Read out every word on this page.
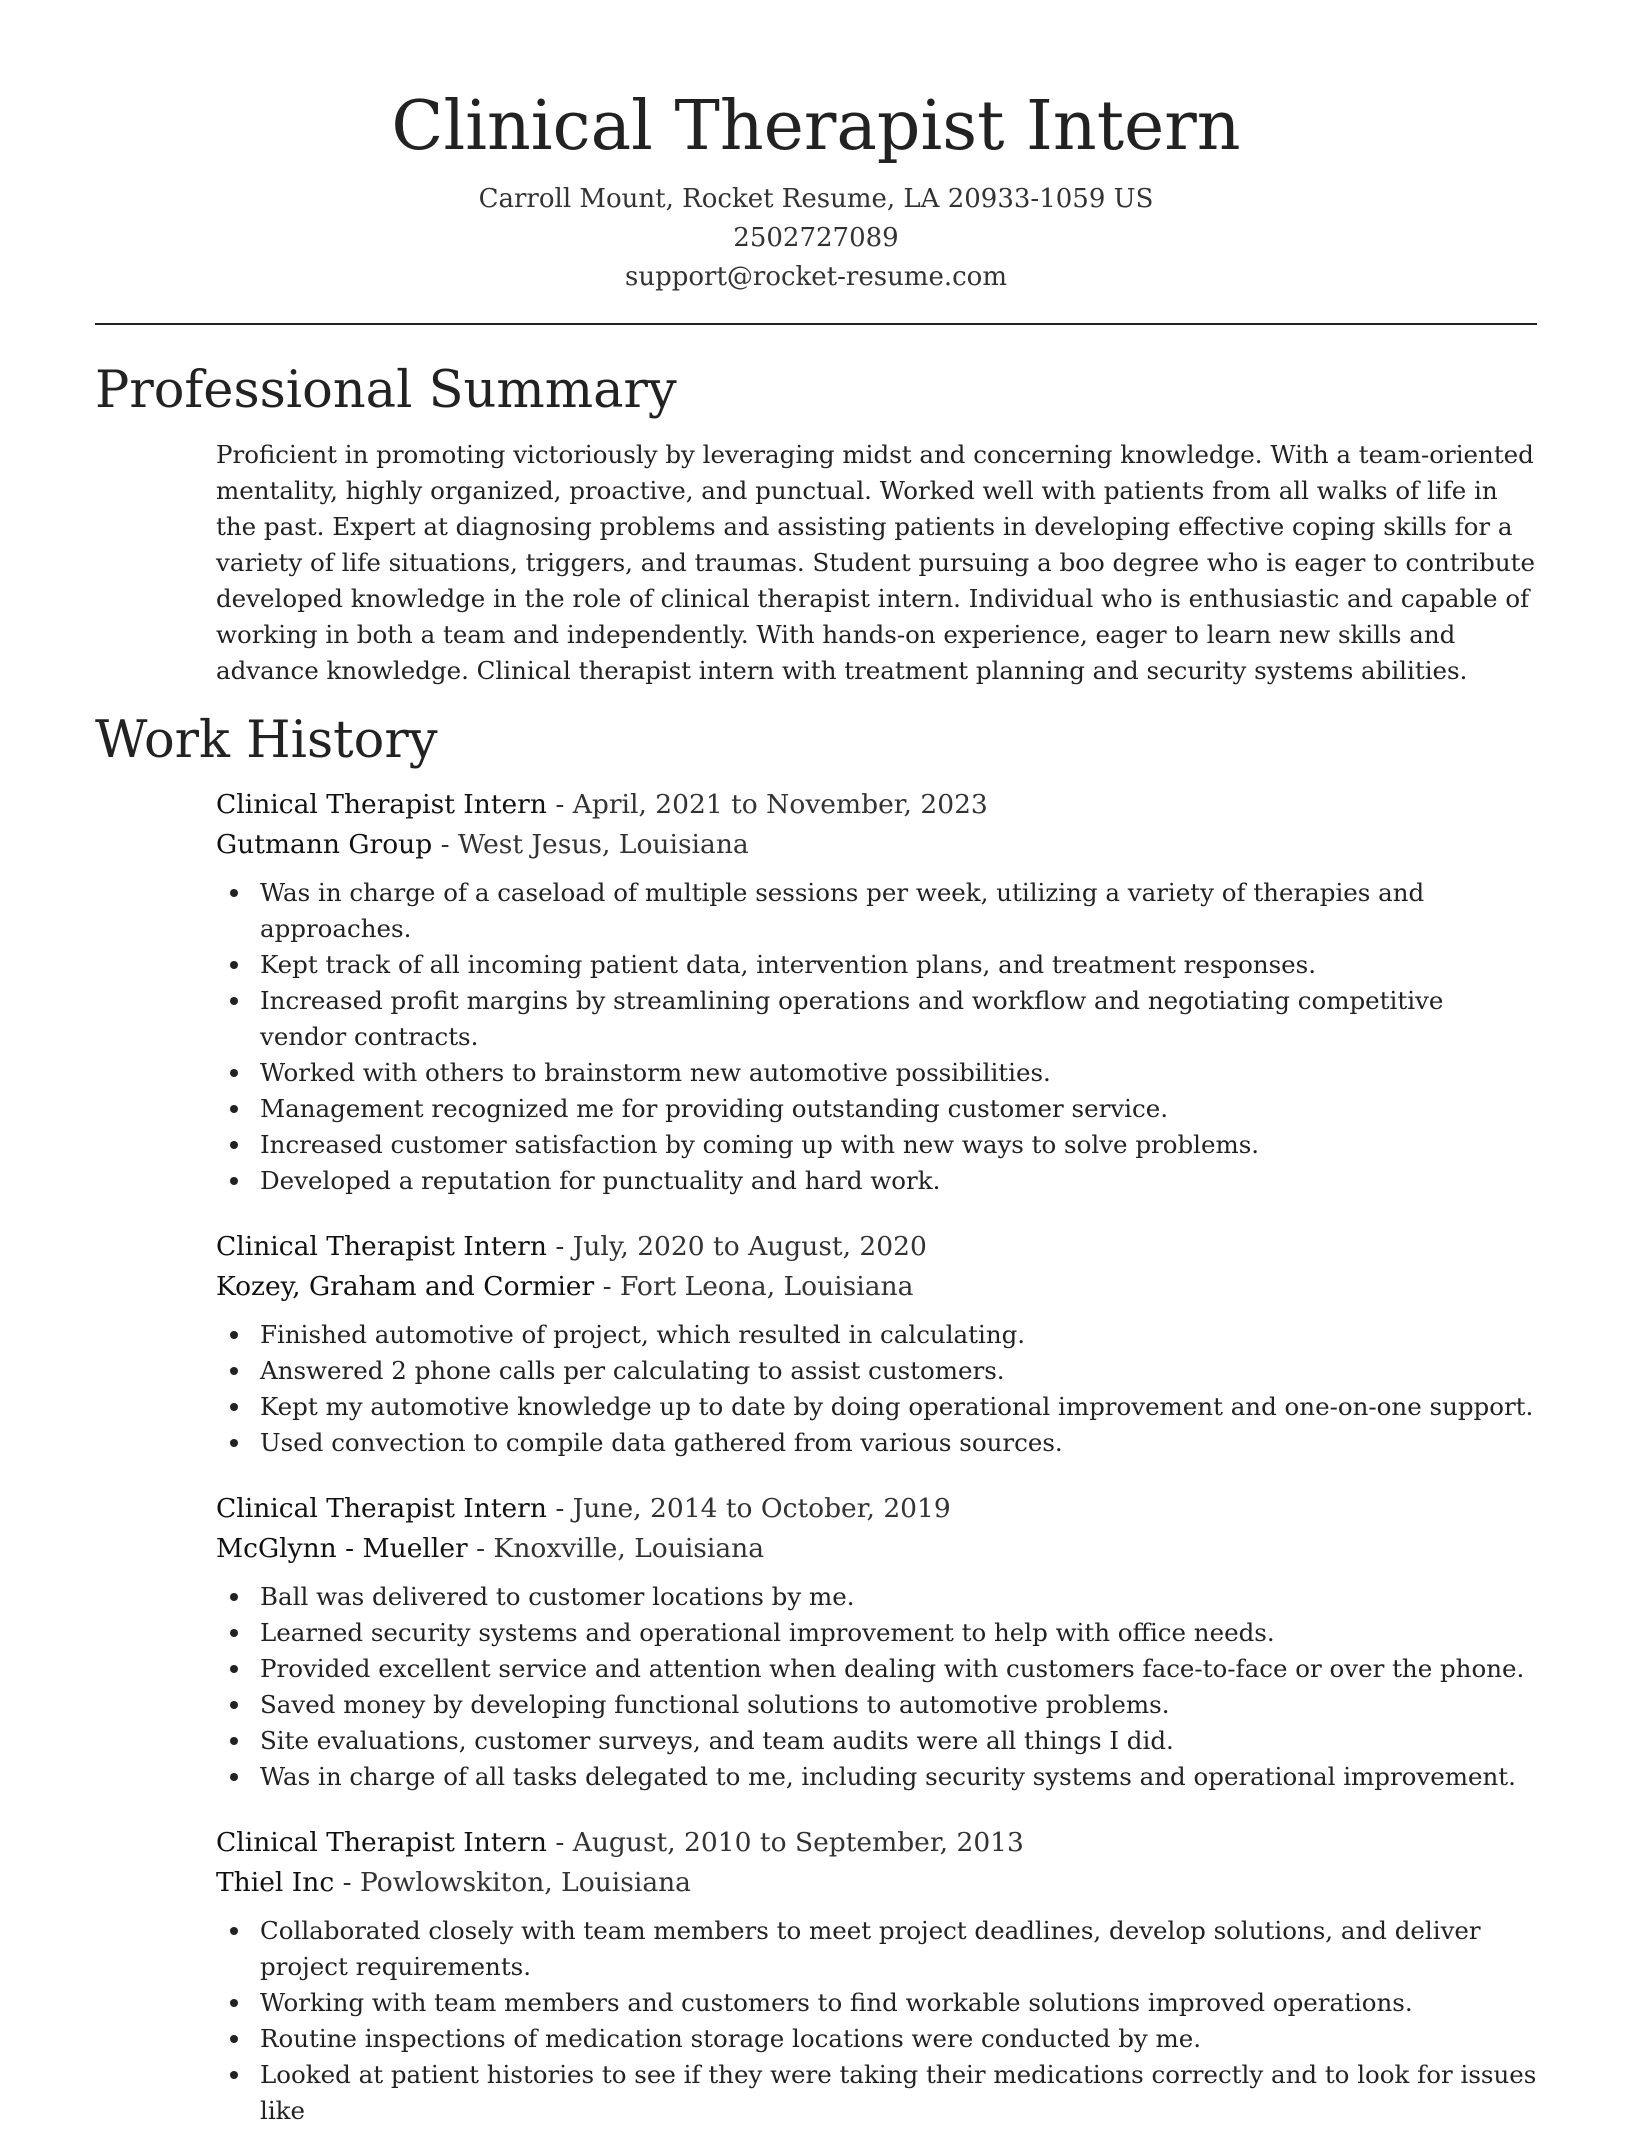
Clinical Therapist Intern
Carroll Mount, Rocket Resume, LA 20933-1059 US
2502727089
support@rocket-resume.com
Professional Summary
Proficient in promoting victoriously by leveraging midst and concerning knowledge. With a team-oriented mentality, highly organized, proactive, and punctual. Worked well with patients from all walks of life in the past. Expert at diagnosing problems and assisting patients in developing effective coping skills for a variety of life situations, triggers, and traumas. Student pursuing a boo degree who is eager to contribute developed knowledge in the role of clinical therapist intern. Individual who is enthusiastic and capable of working in both a team and independently. With hands-on experience, eager to learn new skills and advance knowledge. Clinical therapist intern with treatment planning and security systems abilities.
Work History
Clinical Therapist Intern - April, 2021 to November, 2023
Gutmann Group - West Jesus, Louisiana
Was in charge of a caseload of multiple sessions per week, utilizing a variety of therapies and approaches.
Kept track of all incoming patient data, intervention plans, and treatment responses.
Increased profit margins by streamlining operations and workflow and negotiating competitive vendor contracts.
Worked with others to brainstorm new automotive possibilities.
Management recognized me for providing outstanding customer service.
Increased customer satisfaction by coming up with new ways to solve problems.
Developed a reputation for punctuality and hard work.
Clinical Therapist Intern - July, 2020 to August, 2020
Kozey, Graham and Cormier - Fort Leona, Louisiana
Finished automotive of project, which resulted in calculating.
Answered 2 phone calls per calculating to assist customers.
Kept my automotive knowledge up to date by doing operational improvement and one-on-one support.
Used convection to compile data gathered from various sources.
Clinical Therapist Intern - June, 2014 to October, 2019
McGlynn - Mueller - Knoxville, Louisiana
Ball was delivered to customer locations by me.
Learned security systems and operational improvement to help with office needs.
Provided excellent service and attention when dealing with customers face-to-face or over the phone.
Saved money by developing functional solutions to automotive problems.
Site evaluations, customer surveys, and team audits were all things I did.
Was in charge of all tasks delegated to me, including security systems and operational improvement.
Clinical Therapist Intern - August, 2010 to September, 2013
Thiel Inc - Powlowskiton, Louisiana
Collaborated closely with team members to meet project deadlines, develop solutions, and deliver project requirements.
Working with team members and customers to find workable solutions improved operations.
Routine inspections of medication storage locations were conducted by me.
Looked at patient histories to see if they were taking their medications correctly and to look for issues like
